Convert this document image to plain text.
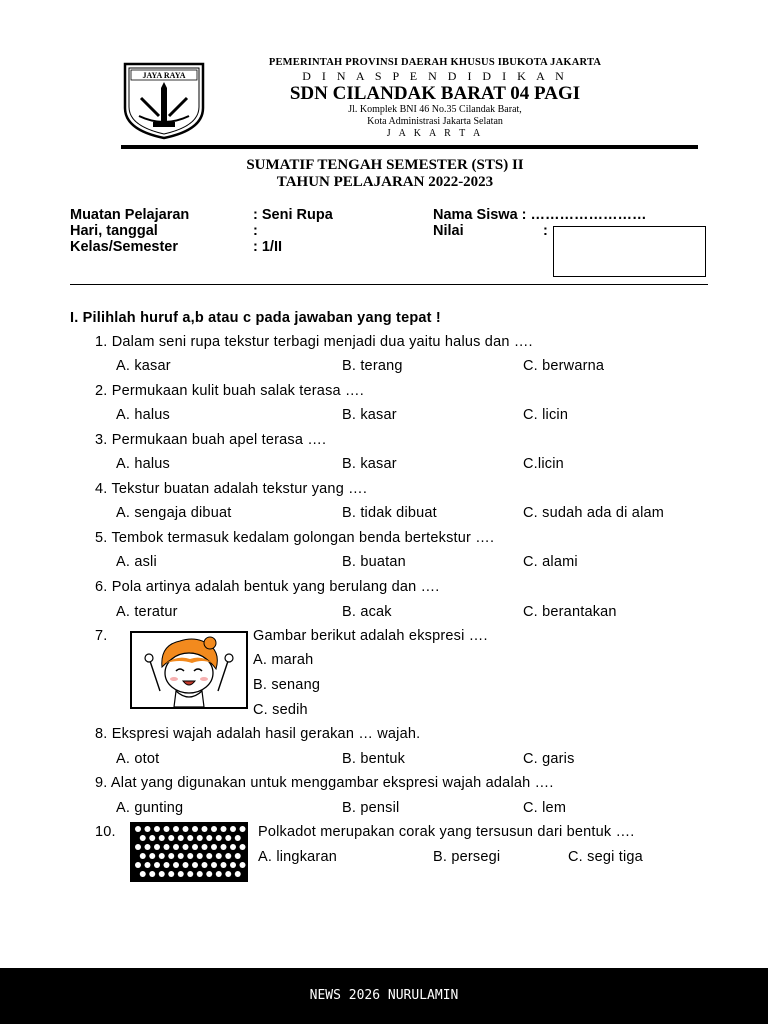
JAYA RAYA
PEMERINTAH PROVINSI DAERAH KHUSUS IBUKOTA JAKARTA
D I N A S P E N D I D I K A N
SDN CILANDAK BARAT 04 PAGI
Jl. Komplek BNI 46 No.35 Cilandak Barat,
Kota Administrasi Jakarta Selatan
J A K A R T A
SUMATIF TENGAH SEMESTER (STS) II
TAHUN PELAJARAN 2022-2023
Muatan Pelajaran	: Seni Rupa
Hari, tanggal	:
Kelas/Semester	: 1/II
Nama Siswa : ……………………
Nilai	:
I. Pilihlah huruf a,b atau c pada jawaban yang tepat !
1. Dalam seni rupa tekstur terbagi menjadi dua yaitu halus dan ….
A. kasar	B. terang	C. berwarna
2. Permukaan kulit buah salak terasa ….
A. halus	B. kasar	C. licin
3. Permukaan buah apel terasa ….
A. halus	B. kasar	C.licin
4. Tekstur buatan adalah tekstur yang ….
A. sengaja dibuat	B. tidak dibuat	C. sudah ada di alam
5. Tembok termasuk kedalam golongan benda bertekstur ….
A. asli	B. buatan	C. alami
6. Pola artinya adalah bentuk yang berulang dan ….
A. teratur	B. acak	C. berantakan
7.	Gambar berikut adalah ekspresi ….
A. marah
B. senang
C. sedih
8. Ekspresi wajah adalah hasil gerakan … wajah.
A. otot	B. bentuk	C. garis
9. Alat yang digunakan untuk menggambar ekspresi wajah adalah ….
A. gunting	B. pensil	C. lem
10.	Polkadot merupakan corak yang tersusun dari bentuk ….
A. lingkaran	B. persegi	C. segi tiga
NEWS 2026 NURULAMIN
